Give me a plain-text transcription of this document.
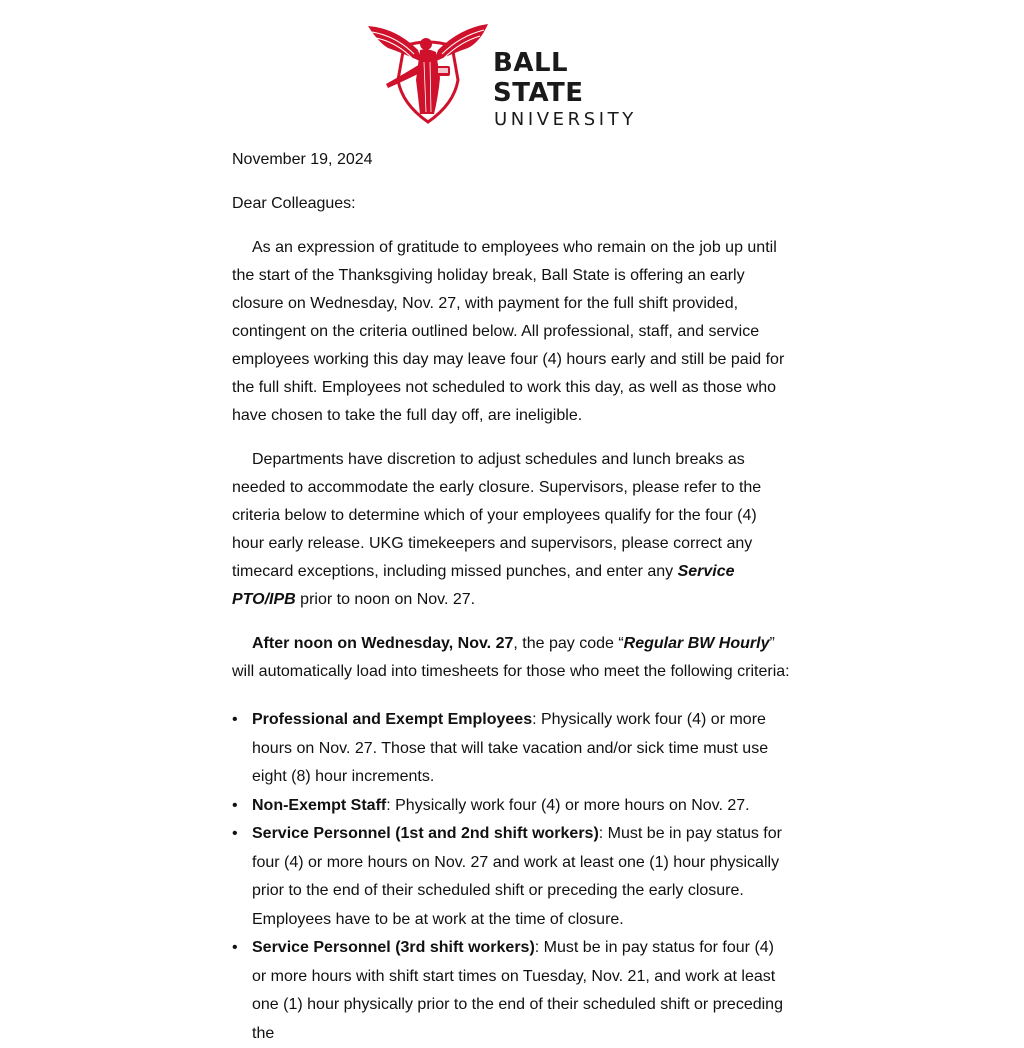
BALL STATE
UNIVERSITY

November 19, 2024

Dear Colleagues:

As an expression of gratitude to employees who remain on the job up until the start of the Thanksgiving holiday break, Ball State is offering an early closure on Wednesday, Nov. 27, with payment for the full shift provided, contingent on the criteria outlined below. All professional, staff, and service employees working this day may leave four (4) hours early and still be paid for the full shift. Employees not scheduled to work this day, as well as those who have chosen to take the full day off, are ineligible.

Departments have discretion to adjust schedules and lunch breaks as needed to accommodate the early closure. Supervisors, please refer to the criteria below to determine which of your employees qualify for the four (4) hour early release. UKG timekeepers and supervisors, please correct any timecard exceptions, including missed punches, and enter any Service PTO/IPB prior to noon on Nov. 27.

After noon on Wednesday, Nov. 27, the pay code “Regular BW Hourly” will automatically load into timesheets for those who meet the following criteria:

• Professional and Exempt Employees: Physically work four (4) or more hours on Nov. 27. Those that will take vacation and/or sick time must use eight (8) hour increments.
• Non-Exempt Staff: Physically work four (4) or more hours on Nov. 27.
• Service Personnel (1st and 2nd shift workers): Must be in pay status for four (4) or more hours on Nov. 27 and work at least one (1) hour physically prior to the end of their scheduled shift or preceding the early closure. Employees have to be at work at the time of closure.
• Service Personnel (3rd shift workers): Must be in pay status for four (4) or more hours with shift start times on Tuesday, Nov. 21, and work at least one (1) hour physically prior to the end of their scheduled shift or preceding the
